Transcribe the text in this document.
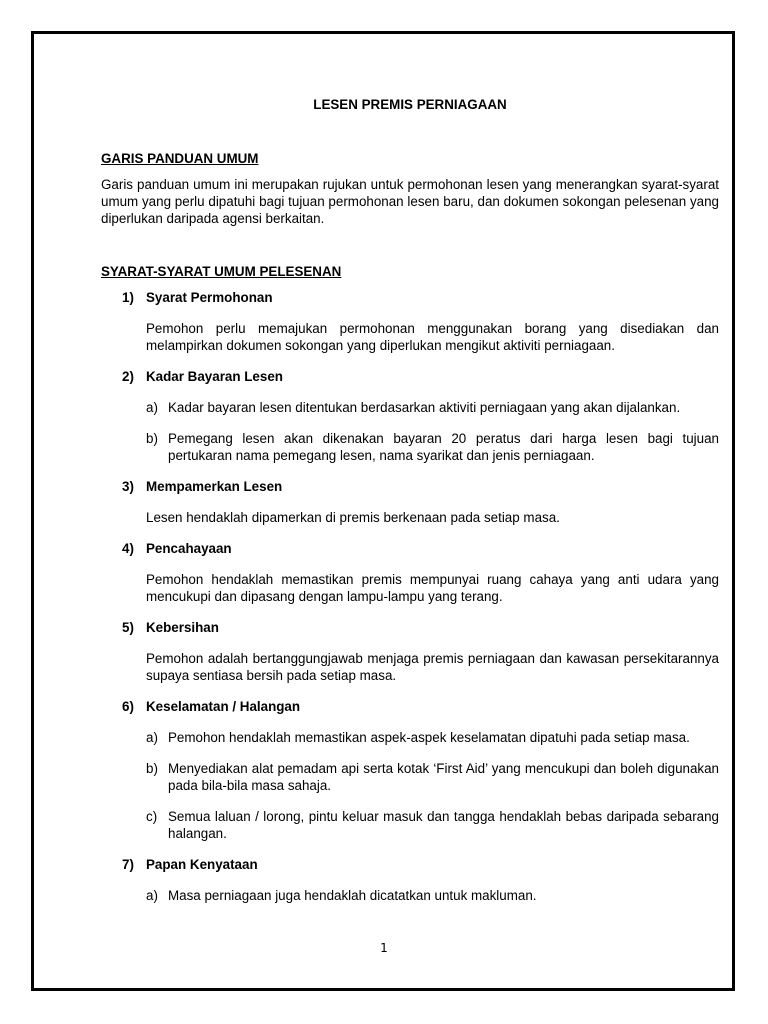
LESEN PREMIS PERNIAGAAN
GARIS PANDUAN UMUM

Garis panduan umum ini merupakan rujukan untuk permohonan lesen yang menerangkan syarat-syarat umum yang perlu dipatuhi bagi tujuan permohonan lesen baru, dan dokumen sokongan pelesenan yang diperlukan daripada agensi berkaitan.

SYARAT-SYARAT UMUM PELESENAN
1) Syarat Permohonan

Pemohon perlu memajukan permohonan menggunakan borang yang disediakan dan melampirkan dokumen sokongan yang diperlukan mengikut aktiviti perniagaan.

2) Kadar Bayaran Lesen
a) Kadar bayaran lesen ditentukan berdasarkan aktiviti perniagaan yang akan dijalankan.
b) Pemegang lesen akan dikenakan bayaran 20 peratus dari harga lesen bagi tujuan pertukaran nama pemegang lesen, nama syarikat dan jenis perniagaan.
3) Mempamerkan Lesen

Lesen hendaklah dipamerkan di premis berkenaan pada setiap masa.

4) Pencahayaan

Pemohon hendaklah memastikan premis mempunyai ruang cahaya yang anti udara yang mencukupi dan dipasang dengan lampu-lampu yang terang.

5) Kebersihan

Pemohon adalah bertanggungjawab menjaga premis perniagaan dan kawasan persekitarannya supaya sentiasa bersih pada setiap masa.

6) Keselamatan / Halangan
a) Pemohon hendaklah memastikan aspek-aspek keselamatan dipatuhi pada setiap masa.
b) Menyediakan alat pemadam api serta kotak ‘First Aid’ yang mencukupi dan boleh digunakan pada bila-bila masa sahaja.
c) Semua laluan / lorong, pintu keluar masuk dan tangga hendaklah bebas daripada sebarang halangan.
7) Papan Kenyataan
a) Masa perniagaan juga hendaklah dicatatkan untuk makluman.
1
